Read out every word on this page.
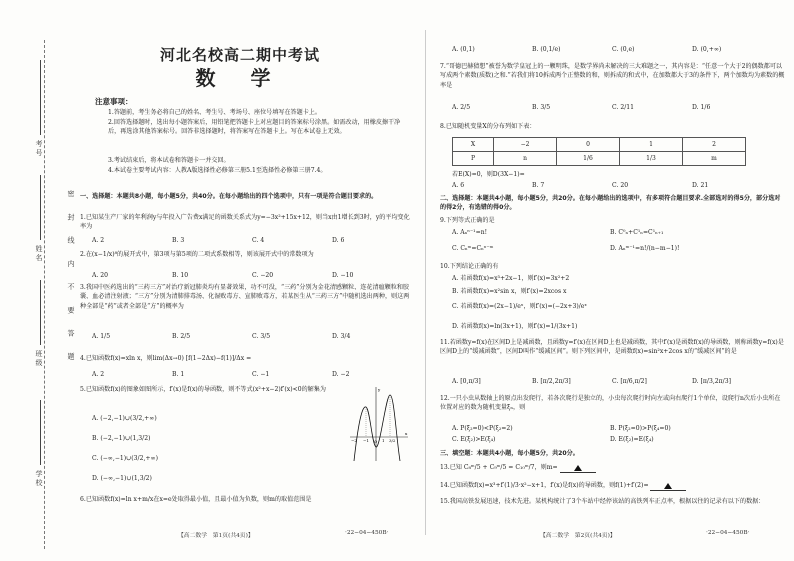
密 封 线 内 不 要 答 题
考号
姓名
班级
学校
河北名校高二期中考试
数 学
注意事项：

1.答题前，考生务必将自己的姓名、考生号、考场号、座位号填写在答题卡上。

2.回答选择题时，选出每小题答案后，用铅笔把答题卡上对应题目的答案标号涂黑。如需改动，用橡皮擦干净后，再选涂其他答案标号。回答非选择题时，将答案写在答题卡上。写在本试卷上无效。

3.考试结束后，将本试卷和答题卡一并交回。

4.本试卷主要考试内容：人教A版选择性必修第三册5.1至选择性必修第三册7.4。

一、选择题：本题共8小题，每小题5分，共40分。在每小题给出的四个选项中，只有一项是符合题目要求的。

1.已知某生产厂家的年利润y与年投入广告费x满足的函数关系式为y=−3x²+15x+12，则当x由1增长到3时，y的平均变化率为

A. 2	B. 3	C. 4	D. 6

2.在(x−1/x)⁸的展开式中，第3项与第5项的二项式系数相等，则该展开式中的常数项为

A. 20	B. 10	C. −20	D. −10

3.我国中医药选出的“三药三方”对治疗新冠肺炎均有显著效果，功不可没，“三药”分别为金花清感颗粒、连花清瘟颗粒和胶囊、血必清注射液；“三方”分别为清肺排毒汤、化湿败毒方、宣肺败毒方，若某医生从“三药三方”中随机选出两种，则这两种全部是“药”或者全部是“方”的概率为

A. 1/5	B. 2/5	C. 3/5	D. 3/4

4.已知函数f(x)=xln x，则lim(Δx→0) [f(1−2Δx)−f(1)]/Δx =

A. 2	B. 1	C. −1	D. −2

5.已知函数f(x)的图象如图所示，f′(x)是f(x)的导函数，则不等式(x²+x−2)f′(x)<0的解集为

A. (−2,−1)∪(3/2,+∞)

B. (−2,−1)∪(1,3/2)

C. (−∞,−1)∪(3/2,+∞)

D. (−∞,−1)∪(1,3/2)

O
−2 −1	1 3/2
x
y

6.已知函数f(x)=ln x+m/x在x=e处取得最小值，且最小值为负数，则m的取值范围是

【高二数学　第1页(共4页)】	·22−04−450B·
A. (0,1)	B. (0,1/e)	C. (0,e)	D. (0,+∞)

7.“哥德巴赫猜想”被誉为数学皇冠上的一颗明珠，是数学界尚未解决的三大难题之一，其内容是：“任意一个大于2的偶数都可以写成两个素数(质数)之和.”若我们将10拆成两个正整数的和，则拆成的和式中，在加数都大于3的条件下，两个加数均为素数的概率是

A. 2/5	B. 3/5	C. 2/11	D. 1/6

8.已知随机变量X的分布列如下表：

X	−2	0	1	2
P	n	1/6	1/3	m

若E(X)=0，则D(3X−1)=

A. 6	B. 7	C. 20	D. 21

二、选择题：本题共4小题，每小题5分，共20分。在每小题给出的选项中，有多项符合题目要求.全部选对的得5分，部分选对的得2分，有选错的得0分。

9.下列等式正确的是

A. Aₙⁿ⁻¹=n!	B. C⁰ₙ+C¹ₙ=C¹ₙ₊₁

C. Cₙᵐ=Cₙⁿ⁻ᵐ	D. Aₙᵐ⁻¹=n!/(n−m−1)!

10.下列结论正确的有

A. 若函数f(x)=x³+2x−1，则f′(x)=3x²+2

B. 若函数f(x)=x²sin x，则f′(x)=2xcos x

C. 若函数f(x)=(2x−1)/eˣ，则f′(x)=(−2x+3)/eˣ

D. 若函数f(x)=ln(3x+1)，则f′(x)=1/(3x+1)

11.若函数y=f(x)在区间D上是减函数，且函数y=f′(x)在区间D上也是减函数，其中f′(x)是函数f(x)的导函数，则称函数y=f(x)是区间D上的“缓减函数”，区间D叫作“缓减区间”。则下列区间中，是函数f(x)=sin²x+2cos x的“缓减区间”的是

A. [0,π/3]	B. [π/2,2π/3]	C. [π/6,π/2]	D. [π/3,2π/3]

12.一只小虫从数轴上的原点出发爬行，若各次爬行是独立的，小虫每次爬行时向左或向右爬行1个单位，设爬行n次后小虫所在位置对应的数为随机变量ξₙ，则

A. P(ξ₂=0)<P(ξ₂=2)	B. P(ξ₂=0)>P(ξ₄=0)

C. E(ξ₂)>E(ξ₄)	D. E(ξ₂)=E(ξ₄)

三、填空题：本题共4小题，每小题5分，共20分。

13.已知 C₈ᵐ/5 + C₉ᵐ/5 = C₁₀ᵐ/7，则m=

14.已知函数f(x)=x³+f′(1)/3·x²−x+1，f′(x)是f(x)的导函数，则f(1)+f′(2)=

15.我国高铁发展迅速，技术先进。某机构统计了3个车站中经停该站的高铁列车正点率，根据以往的记录有以下的数据：

【高二数学　第2页(共4页)】	·22−04−450B·
